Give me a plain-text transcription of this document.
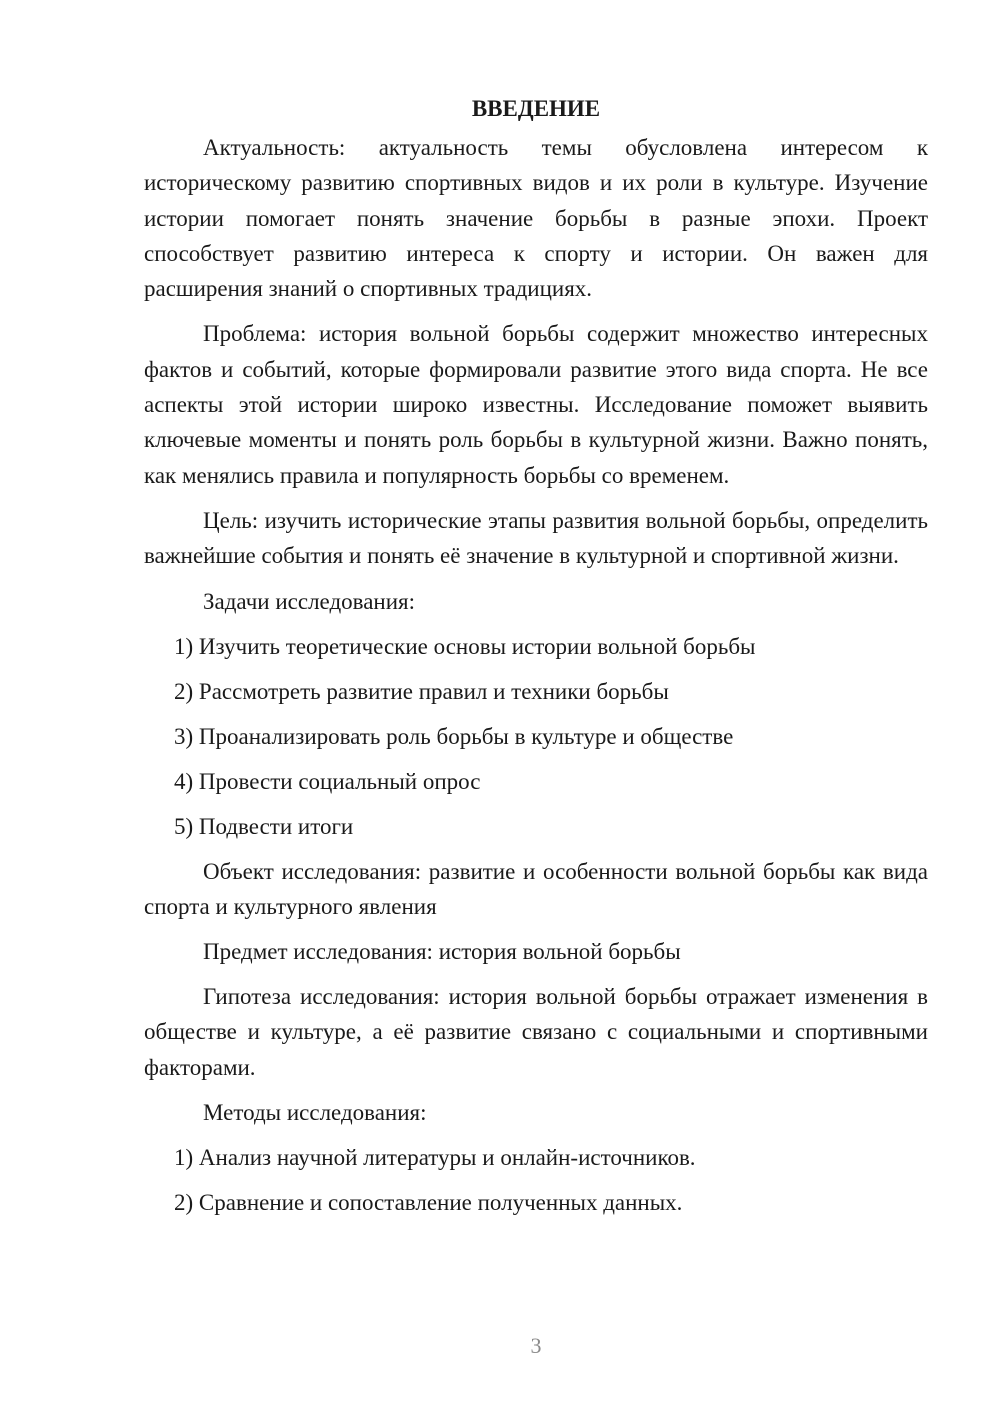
ВВЕДЕНИЕ

Актуальность: актуальность темы обусловлена интересом к историческому развитию спортивных видов и их роли в культуре. Изучение истории помогает понять значение борьбы в разные эпохи. Проект способствует развитию интереса к спорту и истории. Он важен для расширения знаний о спортивных традициях.

Проблема: история вольной борьбы содержит множество интересных фактов и событий, которые формировали развитие этого вида спорта. Не все аспекты этой истории широко известны. Исследование поможет выявить ключевые моменты и понять роль борьбы в культурной жизни. Важно понять, как менялись правила и популярность борьбы со временем.

Цель: изучить исторические этапы развития вольной борьбы, определить важнейшие события и понять её значение в культурной и спортивной жизни.

Задачи исследования:

1) Изучить теоретические основы истории вольной борьбы
2) Рассмотреть развитие правил и техники борьбы
3) Проанализировать роль борьбы в культуре и обществе
4) Провести социальный опрос
5) Подвести итоги

Объект исследования: развитие и особенности вольной борьбы как вида спорта и культурного явления

Предмет исследования: история вольной борьбы

Гипотеза исследования: история вольной борьбы отражает изменения в обществе и культуре, а её развитие связано с социальными и спортивными факторами.

Методы исследования:

1) Анализ научной литературы и онлайн-источников.
2) Сравнение и сопоставление полученных данных.
3
